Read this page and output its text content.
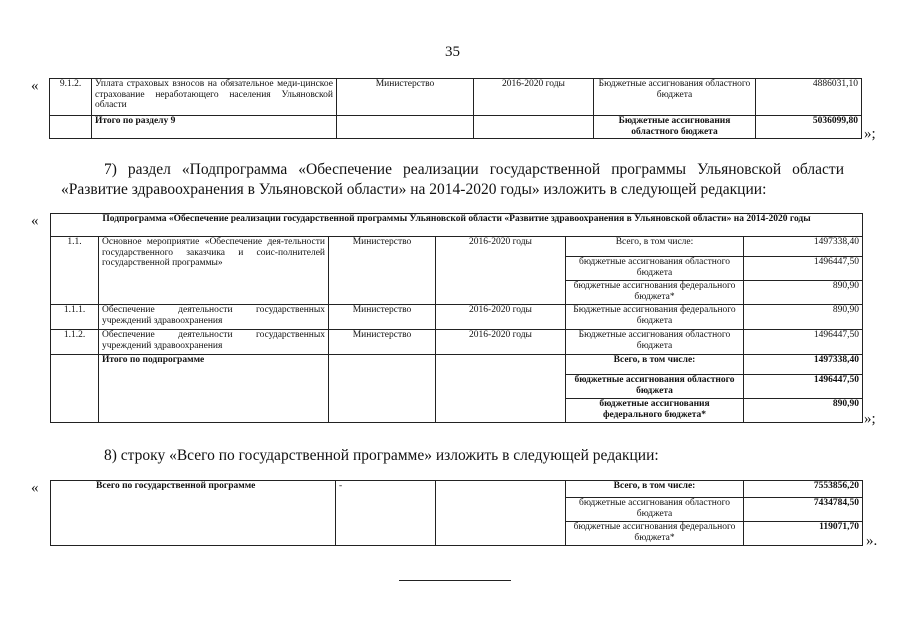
35
« 9.1.2.	Уплата страховых взносов на обязательное меди-цинское страхование неработающего населения Ульяновской области	Министерство	2016-2020 годы	Бюджетные ассигнования областного бюджета	4886031,10
	Итого по разделу 9			Бюджетные ассигнования областного бюджета	5036099,80
»;
7) раздел «Подпрограмма «Обеспечение реализации государственной программы Ульяновской области
«Развитие здравоохранения в Ульяновской области» на 2014-2020 годы» изложить в следующей редакции:
«	Подпрограмма «Обеспечение реализации государственной программы Ульяновской области «Развитие здравоохранения в Ульяновской области» на 2014-2020 годы					
1.1.	Основное мероприятие «Обеспечение дея-тельности государственного заказчика и соис-полнителей государственной программы»	Министерство	2016-2020 годы	Всего, в том числе:	1497338,40
				бюджетные ассигнования областного бюджета	1496447,50
				бюджетные ассигнования федерального бюджета*	890,90
1.1.1.	Обеспечение деятельности государственных учреждений здравоохранения	Министерство	2016-2020 годы	Бюджетные ассигнования федерального бюджета	890,90
1.1.2.	Обеспечение деятельности государственных учреждений здравоохранения	Министерство	2016-2020 годы	Бюджетные ассигнования областного бюджета	1496447,50
	Итого по подпрограмме			Всего, в том числе:	1497338,40
				бюджетные ассигнования областного бюджета	1496447,50
				бюджетные ассигнования федерального бюджета*	890,90
»;
8) строку «Всего по государственной программе» изложить в следующей редакции:
«	Всего по государственной программе	-		Всего, в том числе:	7553856,20
			бюджетные ассигнования областного бюджета	7434784,50
			бюджетные ассигнования федерального бюджета*	119071,70
».
